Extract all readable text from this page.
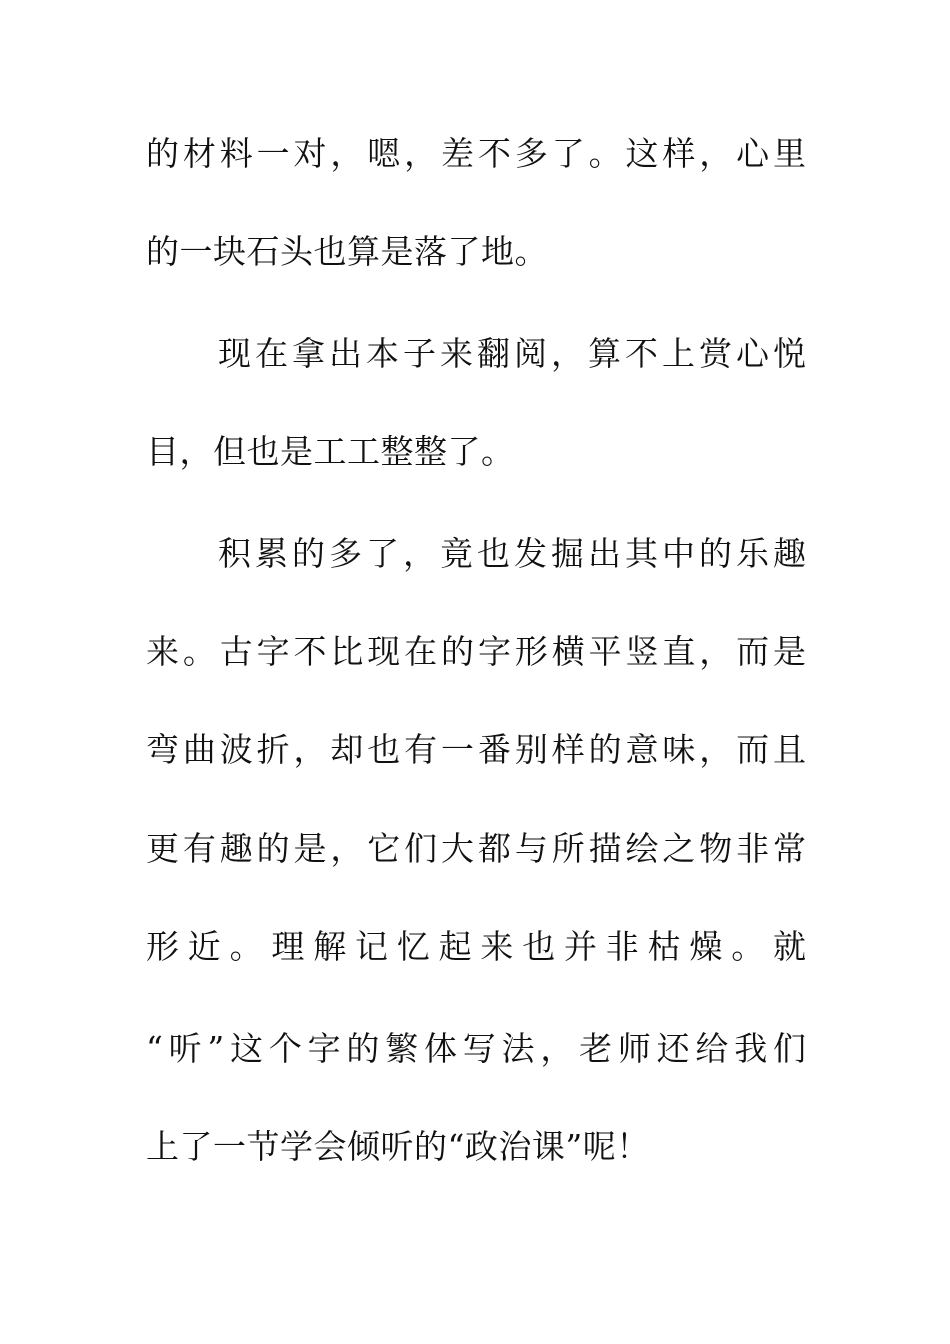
的材料一对，嗯，差不多了。这样，心里
的一块石头也算是落了地。
现在拿出本子来翻阅，算不上赏心悦
目，但也是工工整整了。
积累的多了，竟也发掘出其中的乐趣
来。古字不比现在的字形横平竖直，而是
弯曲波折，却也有一番别样的意味，而且
更有趣的是，它们大都与所描绘之物非常
形近。理解记忆起来也并非枯燥。就
“听”这个字的繁体写法，老师还给我们
上了一节学会倾听的“政治课”呢！
